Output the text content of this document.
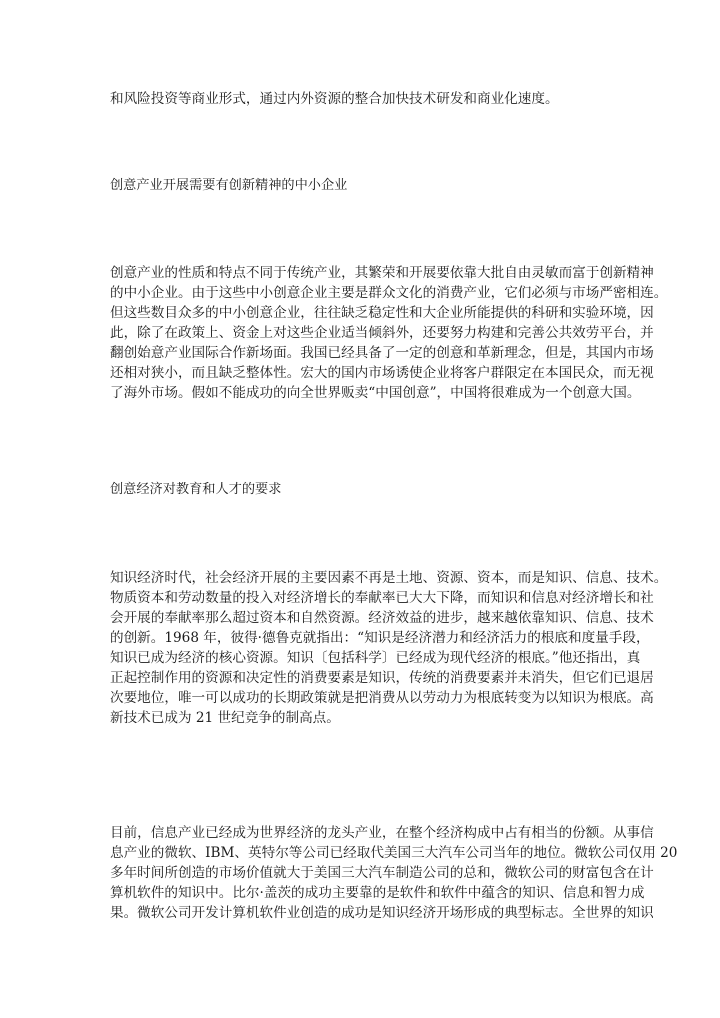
和风险投资等商业形式，通过内外资源的整合加快技术研发和商业化速度。
创意产业开展需要有创新精神的中小企业
创意产业的性质和特点不同于传统产业，其繁荣和开展要依靠大批自由灵敏而富于创新精神
的中小企业。由于这些中小创意企业主要是群众文化的消费产业，它们必须与市场严密相连。
但这些数目众多的中小创意企业，往往缺乏稳定性和大企业所能提供的科研和实验环境，因
此，除了在政策上、资金上对这些企业适当倾斜外，还要努力构建和完善公共效劳平台，并
翻创始意产业国际合作新场面。我国已经具备了一定的创意和革新理念，但是，其国内市场
还相对狭小，而且缺乏整体性。宏大的国内市场诱使企业将客户群限定在本国民众，而无视
了海外市场。假如不能成功的向全世界贩卖“中国创意”，中国将很难成为一个创意大国。
创意经济对教育和人才的要求
知识经济时代，社会经济开展的主要因素不再是土地、资源、资本，而是知识、信息、技术。
物质资本和劳动数量的投入对经济增长的奉献率已大大下降，而知识和信息对经济增长和社
会开展的奉献率那么超过资本和自然资源。经济效益的进步，越来越依靠知识、信息、技术
的创新。1968 年，彼得·德鲁克就指出：“知识是经济潜力和经济活力的根底和度量手段，
知识已成为经济的核心资源。知识〔包括科学〕已经成为现代经济的根底。”他还指出，真
正起控制作用的资源和决定性的消费要素是知识，传统的消费要素并未消失，但它们已退居
次要地位，唯一可以成功的长期政策就是把消费从以劳动力为根底转变为以知识为根底。高
新技术已成为 21 世纪竞争的制高点。
目前，信息产业已经成为世界经济的龙头产业，在整个经济构成中占有相当的份额。从事信
息产业的微软、IBM、英特尔等公司已经取代美国三大汽车公司当年的地位。微软公司仅用 20
多年时间所创造的市场价值就大于美国三大汽车制造公司的总和，微软公司的财富包含在计
算机软件的知识中。比尔·盖茨的成功主要靠的是软件和软件中蕴含的知识、信息和智力成
果。微软公司开发计算机软件业创造的成功是知识经济开场形成的典型标志。全世界的知识
